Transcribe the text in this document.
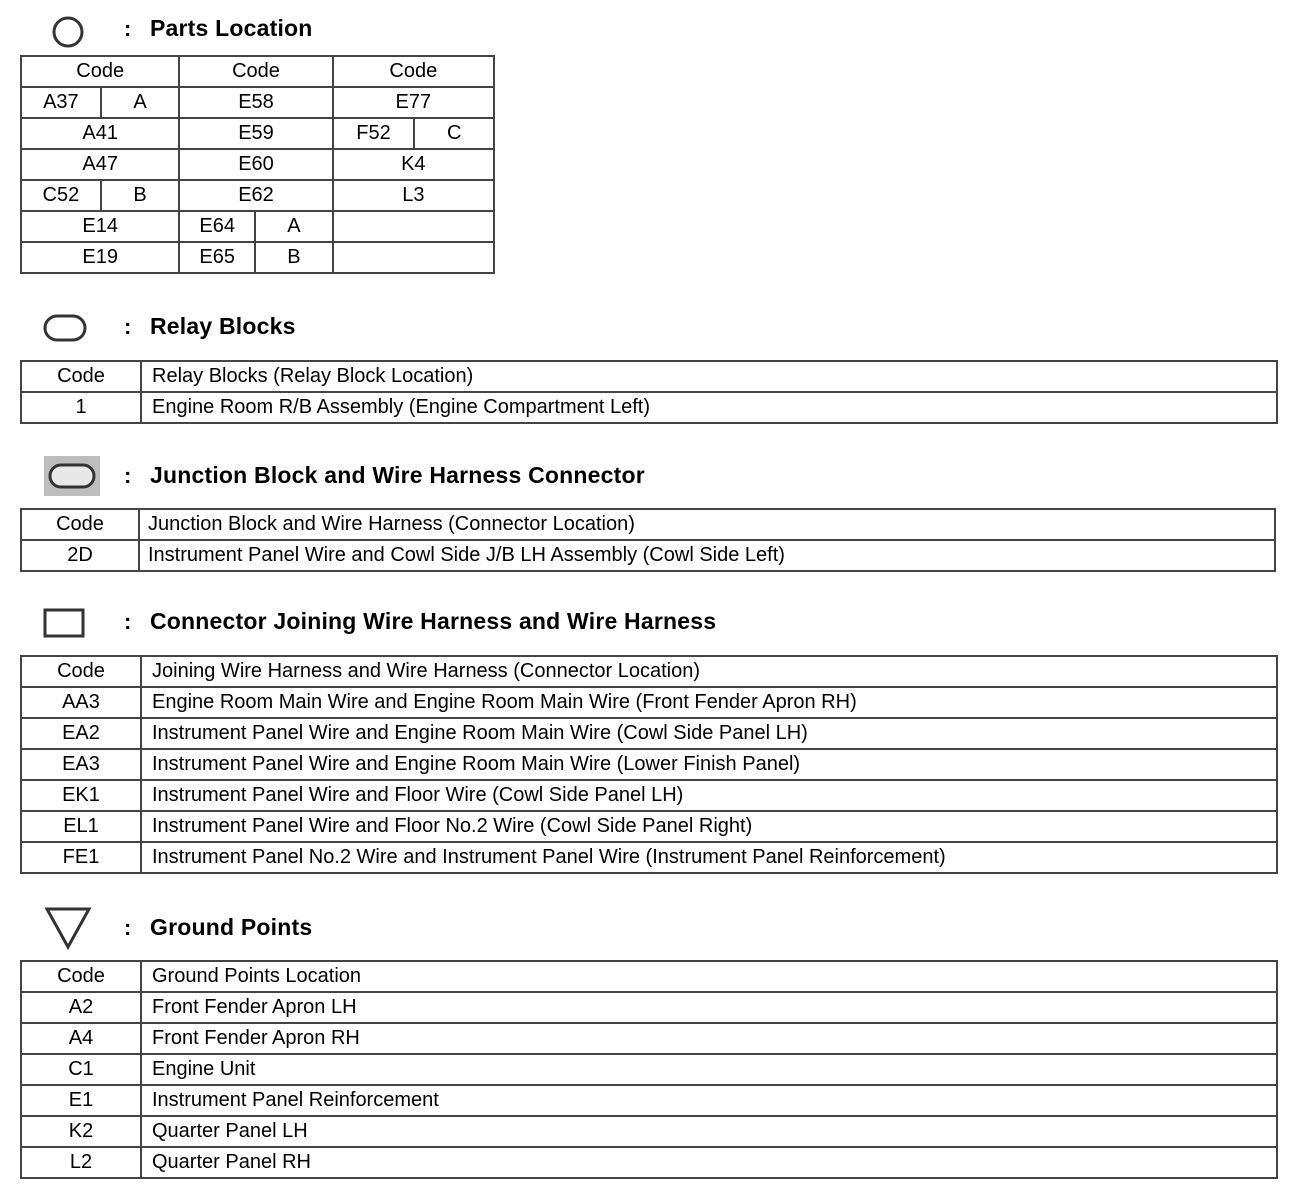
: Parts Location
Code		Code		Code	
A37	A	E58		E77	
A41		E59		F52	C
A47		E60		K4	
C52	B	E62		L3	
E14		E64	A		
E19		E65	B		
: Relay Blocks
Code	Relay Blocks (Relay Block Location)
1	Engine Room R/B Assembly (Engine Compartment Left)
: Junction Block and Wire Harness Connector
Code	Junction Block and Wire Harness (Connector Location)
2D	Instrument Panel Wire and Cowl Side J/B LH Assembly (Cowl Side Left)
: Connector Joining Wire Harness and Wire Harness
Code	Joining Wire Harness and Wire Harness (Connector Location)
AA3	Engine Room Main Wire and Engine Room Main Wire (Front Fender Apron RH)
EA2	Instrument Panel Wire and Engine Room Main Wire (Cowl Side Panel LH)
EA3	Instrument Panel Wire and Engine Room Main Wire (Lower Finish Panel)
EK1	Instrument Panel Wire and Floor Wire (Cowl Side Panel LH)
EL1	Instrument Panel Wire and Floor No.2 Wire (Cowl Side Panel Right)
FE1	Instrument Panel No.2 Wire and Instrument Panel Wire (Instrument Panel Reinforcement)
: Ground Points
Code	Ground Points Location
A2	Front Fender Apron LH
A4	Front Fender Apron RH
C1	Engine Unit
E1	Instrument Panel Reinforcement
K2	Quarter Panel LH
L2	Quarter Panel RH
